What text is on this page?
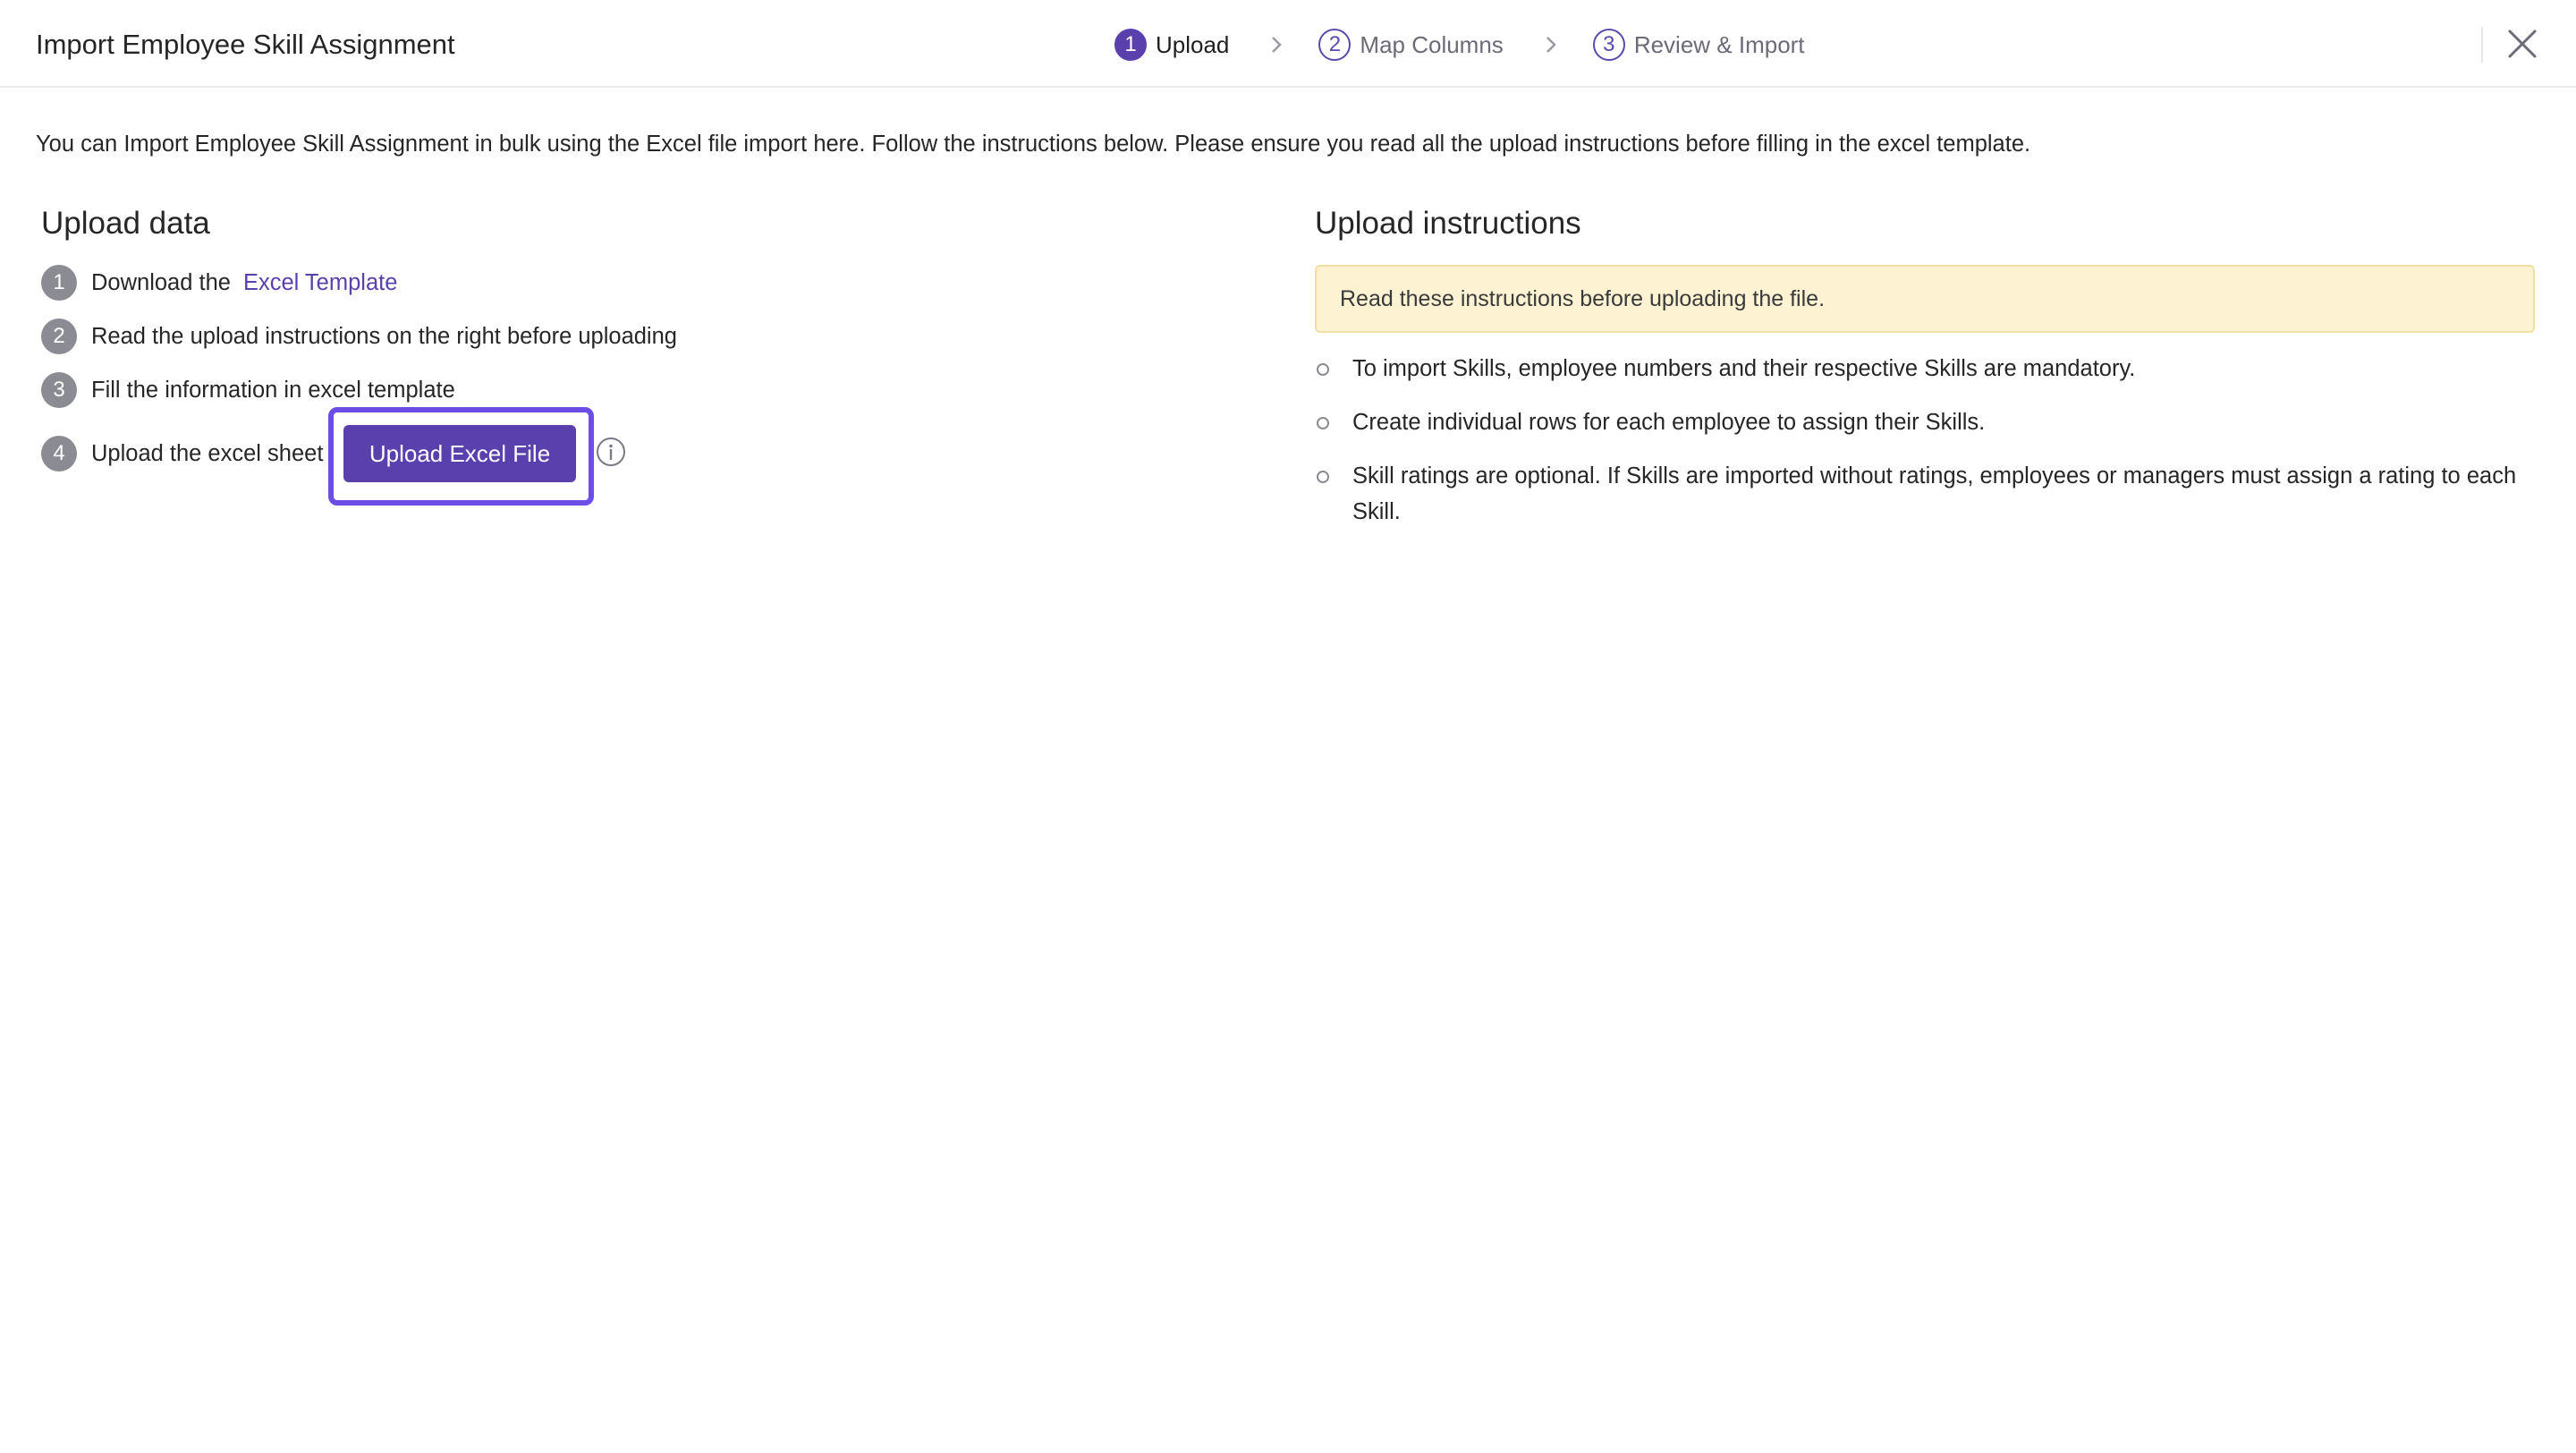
Import Employee Skill Assignment	1 Upload	2 Map Columns	3 Review & Import
You can Import Employee Skill Assignment in bulk using the Excel file import here. Follow the instructions below. Please ensure you read all the upload instructions before filling in the excel template.
Upload data
1	Download the Excel Template
2	Read the upload instructions on the right before uploading
3	Fill the information in excel template
4	Upload the excel sheet	Upload Excel File
Upload instructions
Read these instructions before uploading the file.
To import Skills, employee numbers and their respective Skills are mandatory.
Create individual rows for each employee to assign their Skills.
Skill ratings are optional. If Skills are imported without ratings, employees or managers must assign a rating to each Skill.
